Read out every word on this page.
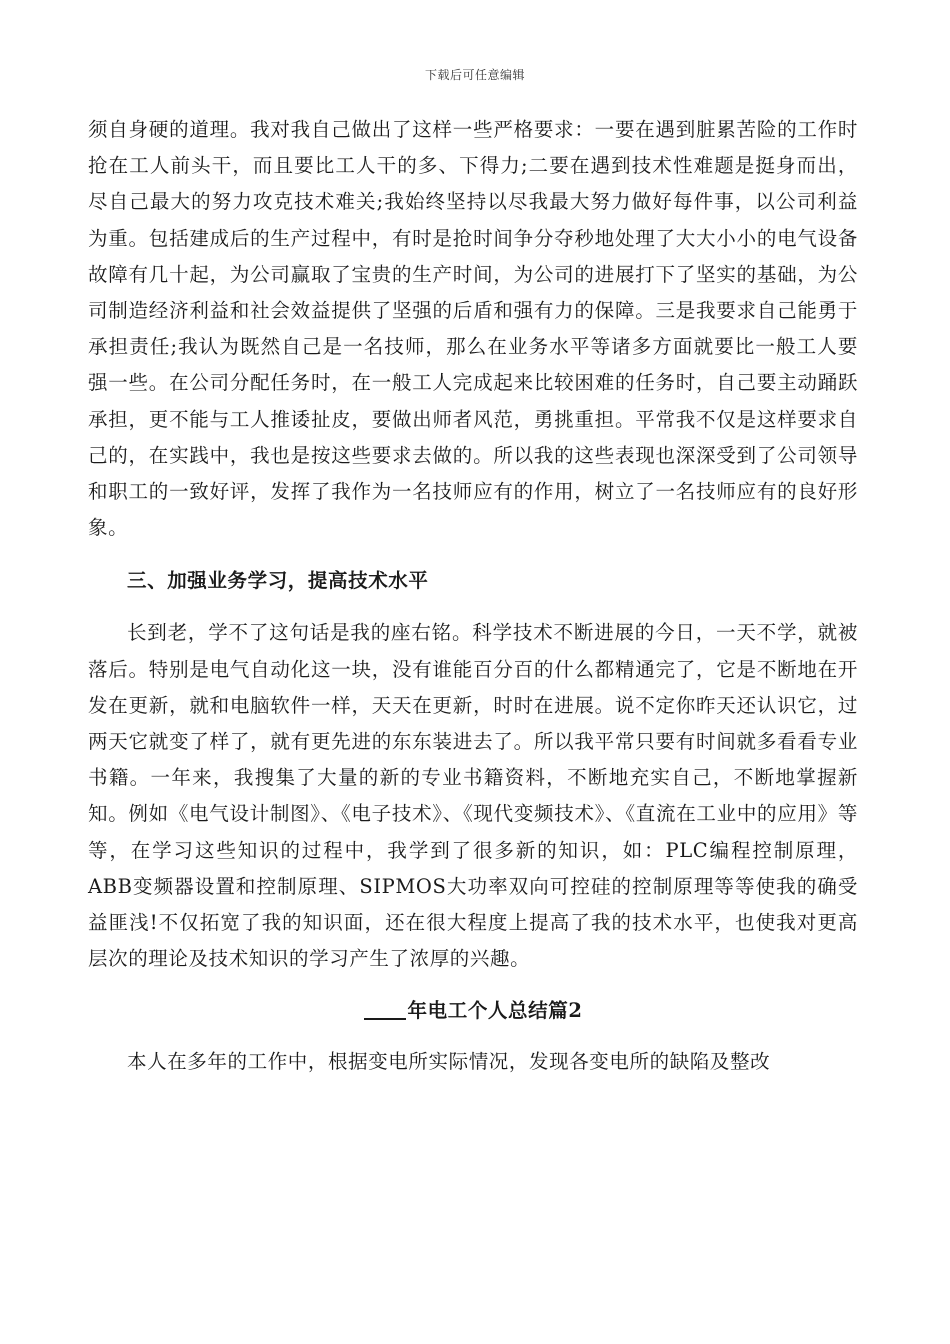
下载后可任意编辑

须自身硬的道理。我对我自己做出了这样一些严格要求：一要在遇到脏累苦险的工作时抢在工人前头干，而且要比工人干的多、下得力;二要在遇到技术性难题是挺身而出，尽自己最大的努力攻克技术难关;我始终坚持以尽我最大努力做好每件事，以公司利益为重。包括建成后的生产过程中，有时是抢时间争分夺秒地处理了大大小小的电气设备故障有几十起，为公司赢取了宝贵的生产时间，为公司的进展打下了坚实的基础，为公司制造经济利益和社会效益提供了坚强的后盾和强有力的保障。三是我要求自己能勇于承担责任;我认为既然自己是一名技师，那么在业务水平等诸多方面就要比一般工人要强一些。在公司分配任务时，在一般工人完成起来比较困难的任务时，自己要主动踊跃承担，更不能与工人推诿扯皮，要做出师者风范，勇挑重担。平常我不仅是这样要求自己的，在实践中，我也是按这些要求去做的。所以我的这些表现也深深受到了公司领导和职工的一致好评，发挥了我作为一名技师应有的作用，树立了一名技师应有的良好形象。

三、加强业务学习，提高技术水平

长到老，学不了这句话是我的座右铭。科学技术不断进展的今日，一天不学，就被落后。特别是电气自动化这一块，没有谁能百分百的什么都精通完了，它是不断地在开发在更新，就和电脑软件一样，天天在更新，时时在进展。说不定你昨天还认识它，过两天它就变了样了，就有更先进的东东装进去了。所以我平常只要有时间就多看看专业书籍。一年来，我搜集了大量的新的专业书籍资料，不断地充实自己，不断地掌握新知。例如《电气设计制图》、《电子技术》、《现代变频技术》、《直流在工业中的应用》等等，在学习这些知识的过程中，我学到了很多新的知识，如：PLC编程控制原理，ABB变频器设置和控制原理、SIPMOS大功率双向可控硅的控制原理等等使我的确受益匪浅!不仅拓宽了我的知识面，还在很大程度上提高了我的技术水平，也使我对更高层次的理论及技术知识的学习产生了浓厚的兴趣。

年电工个人总结篇2

本人在多年的工作中，根据变电所实际情况，发现各变电所的缺陷及整改
